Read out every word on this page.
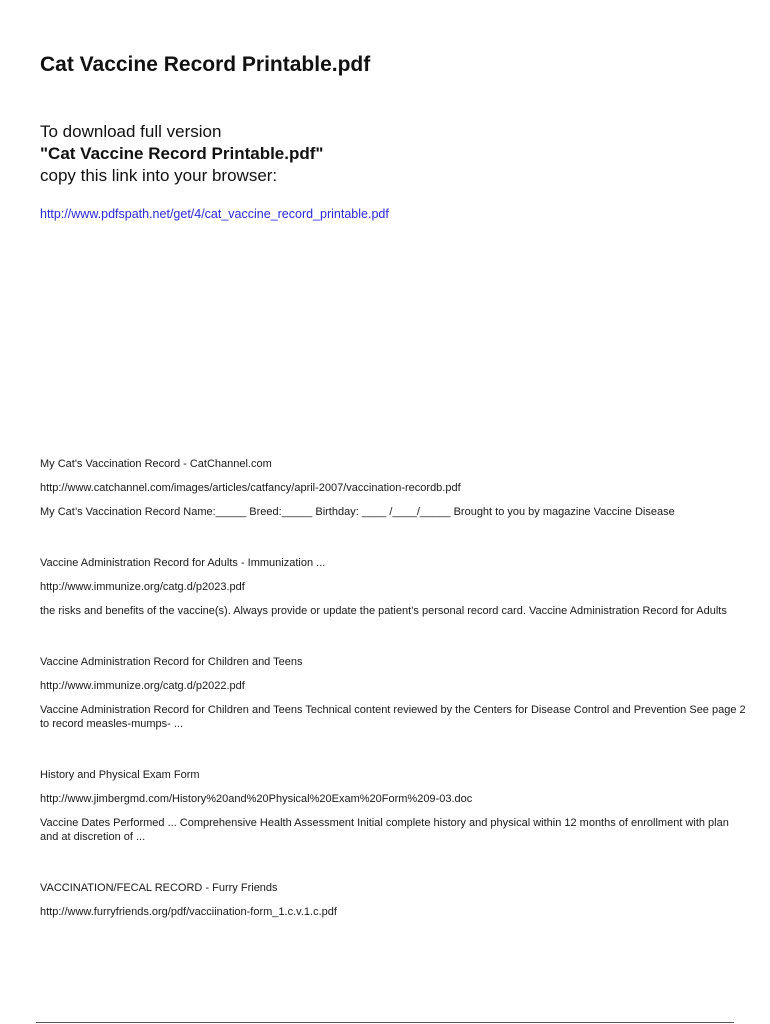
Cat Vaccine Record Printable.pdf
To download full version
"Cat Vaccine Record Printable.pdf"
copy this link into your browser:
http://www.pdfspath.net/get/4/cat_vaccine_record_printable.pdf
My Cat's Vaccination Record - CatChannel.com
http://www.catchannel.com/images/articles/catfancy/april-2007/vaccination-recordb.pdf
My Cat’s Vaccination Record Name:_____ Breed:_____ Birthday: ____ /____/_____ Brought to you by magazine Vaccine Disease
Vaccine Administration Record for Adults - Immunization ...
http://www.immunize.org/catg.d/p2023.pdf
the risks and benefits of the vaccine(s). Always provide or update the patient’s personal record card. Vaccine Administration Record for Adults
Vaccine Administration Record for Children and Teens
http://www.immunize.org/catg.d/p2022.pdf
Vaccine Administration Record for Children and Teens Technical content reviewed by the Centers for Disease Control and Prevention See page 2 to record measles-mumps- ...
History and Physical Exam Form
http://www.jimbergmd.com/History%20and%20Physical%20Exam%20Form%209-03.doc
Vaccine Dates Performed ... Comprehensive Health Assessment Initial complete history and physical within 12 months of enrollment with plan and at discretion of ...
VACCINATION/FECAL RECORD - Furry Friends
http://www.furryfriends.org/pdf/vacciination-form_1.c.v.1.c.pdf
